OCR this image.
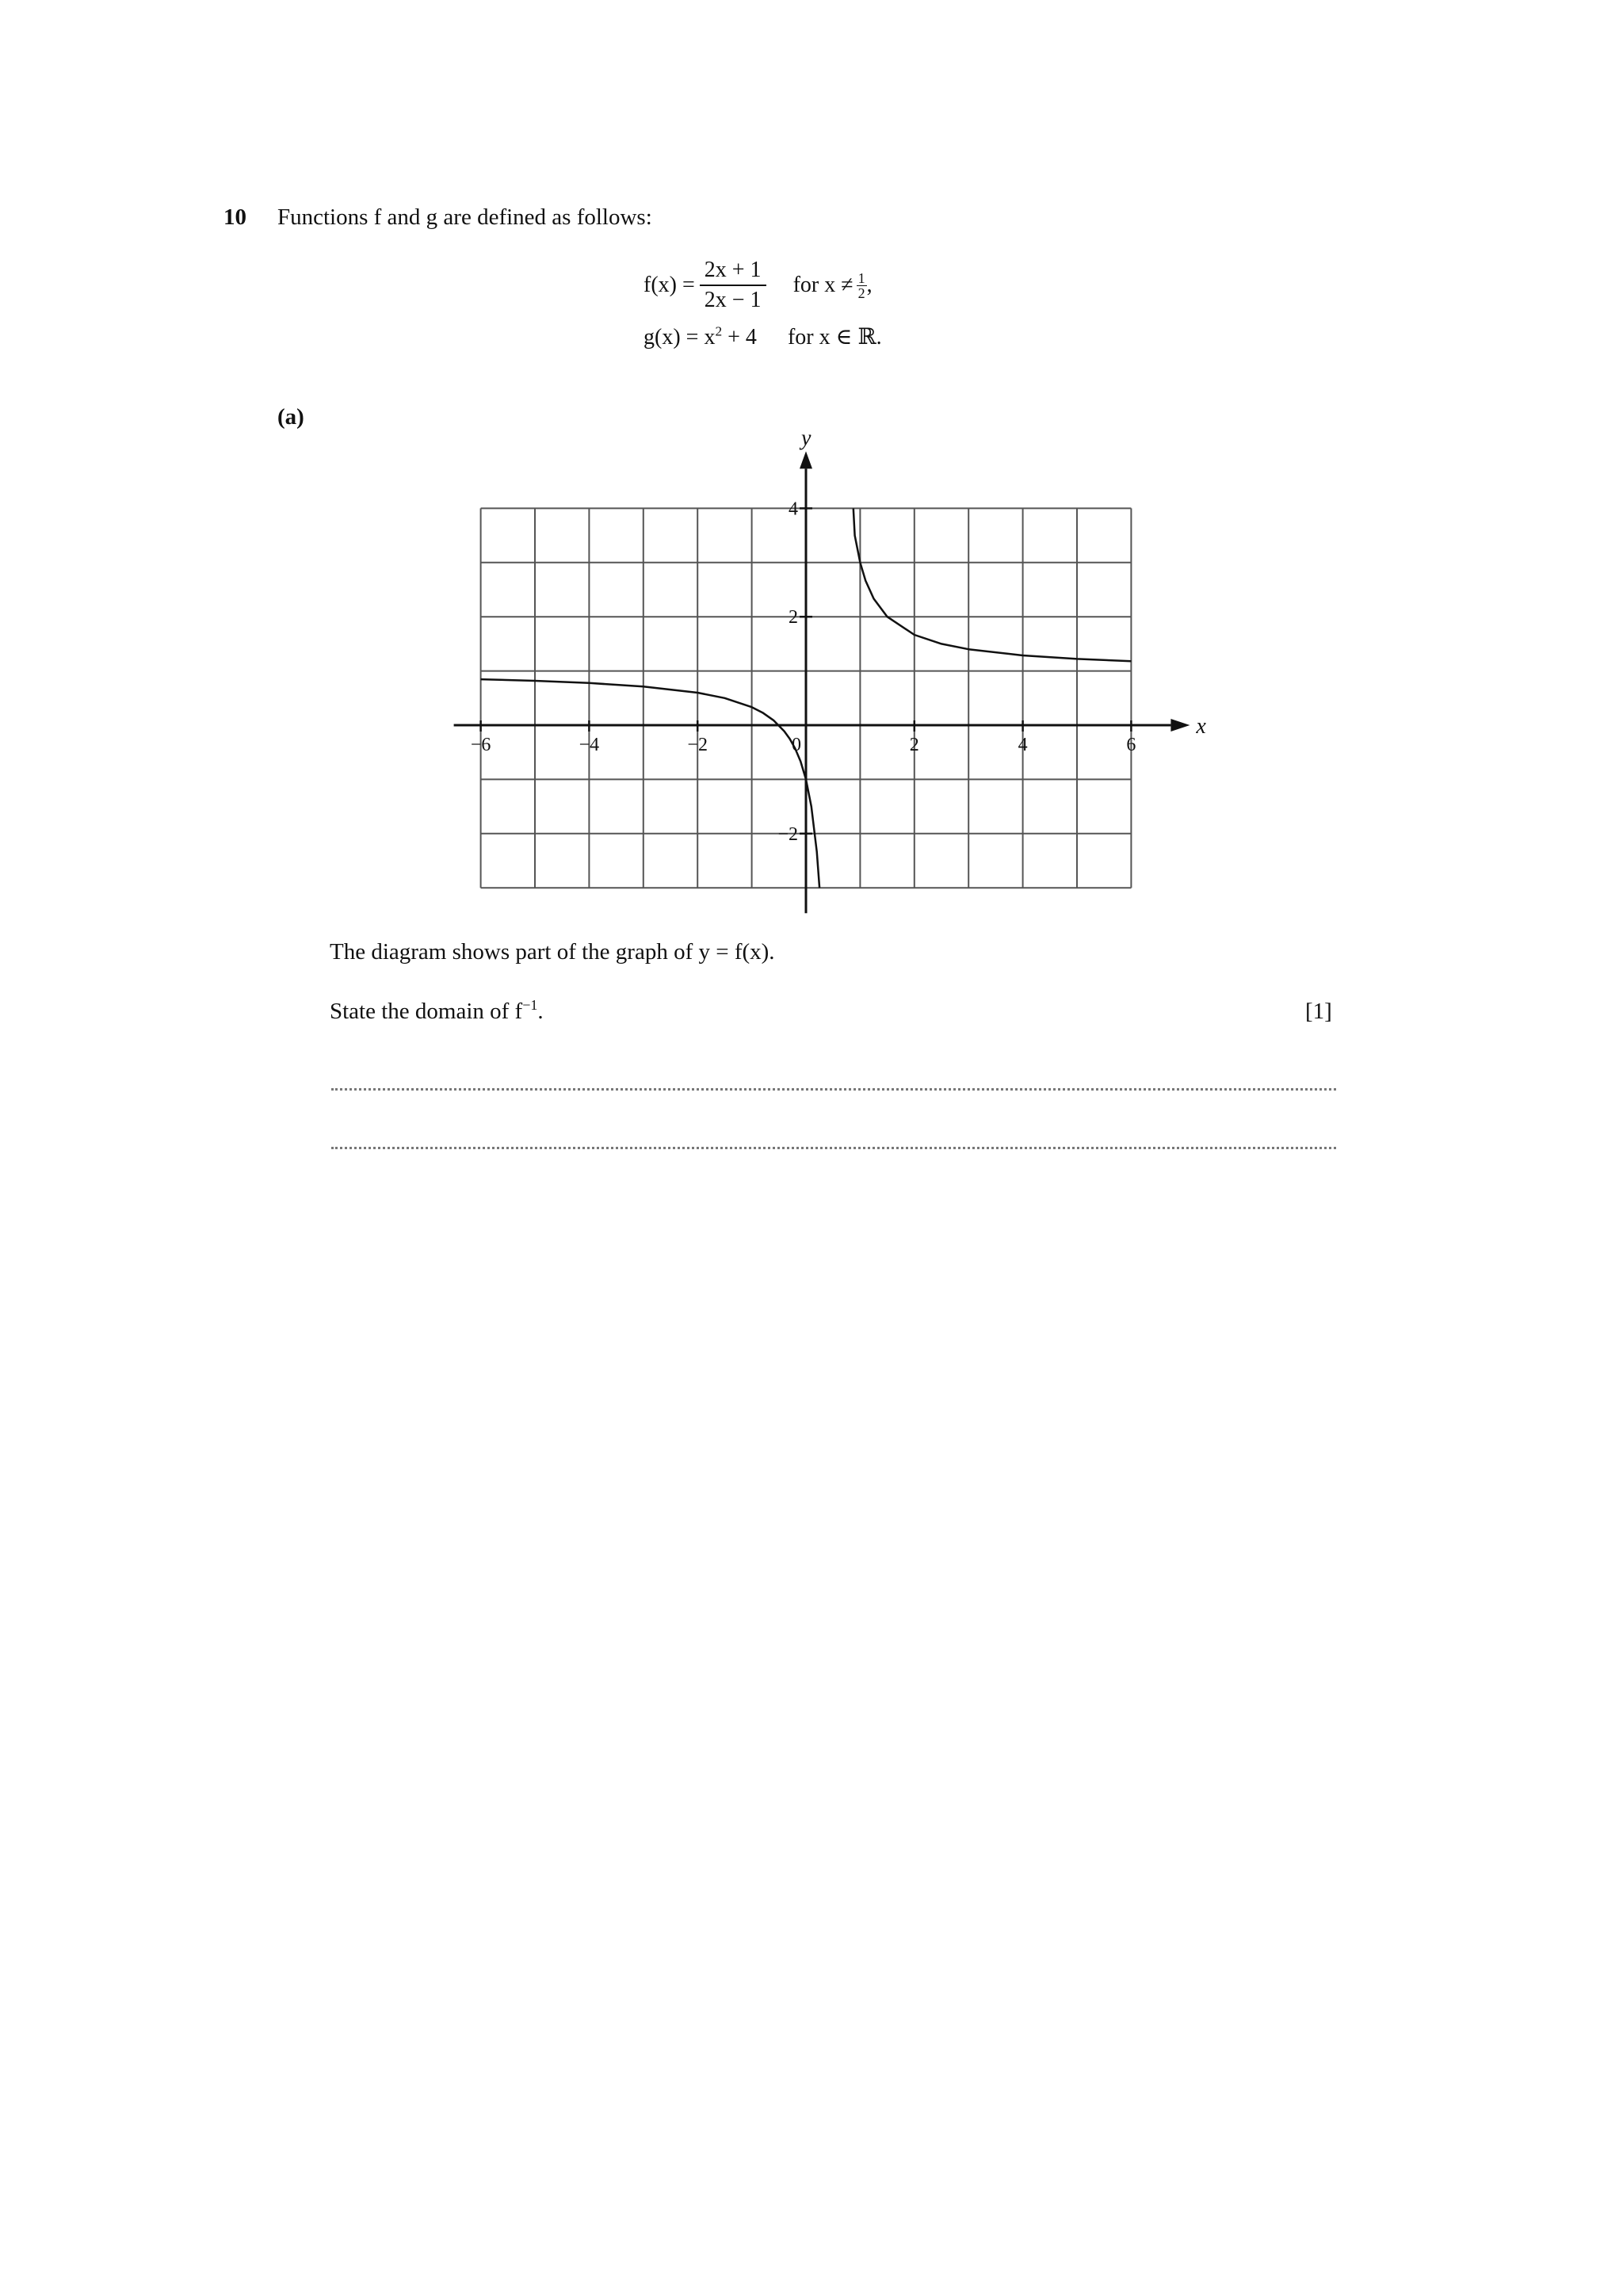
10 Functions f and g are defined as follows:
$f(x) = \frac{2x + 1}{2x - 1}$ for $x \ne \frac{1}{2}$ ,
$g(x) = x^2 + 4$ for x ∈ ℝ.
(a)
x
y
−6	−4	−2	0	2	4	6
4
2
−2
The diagram shows part of the graph of y = f(x).
State the domain of $f^{-1}$.	[1]
